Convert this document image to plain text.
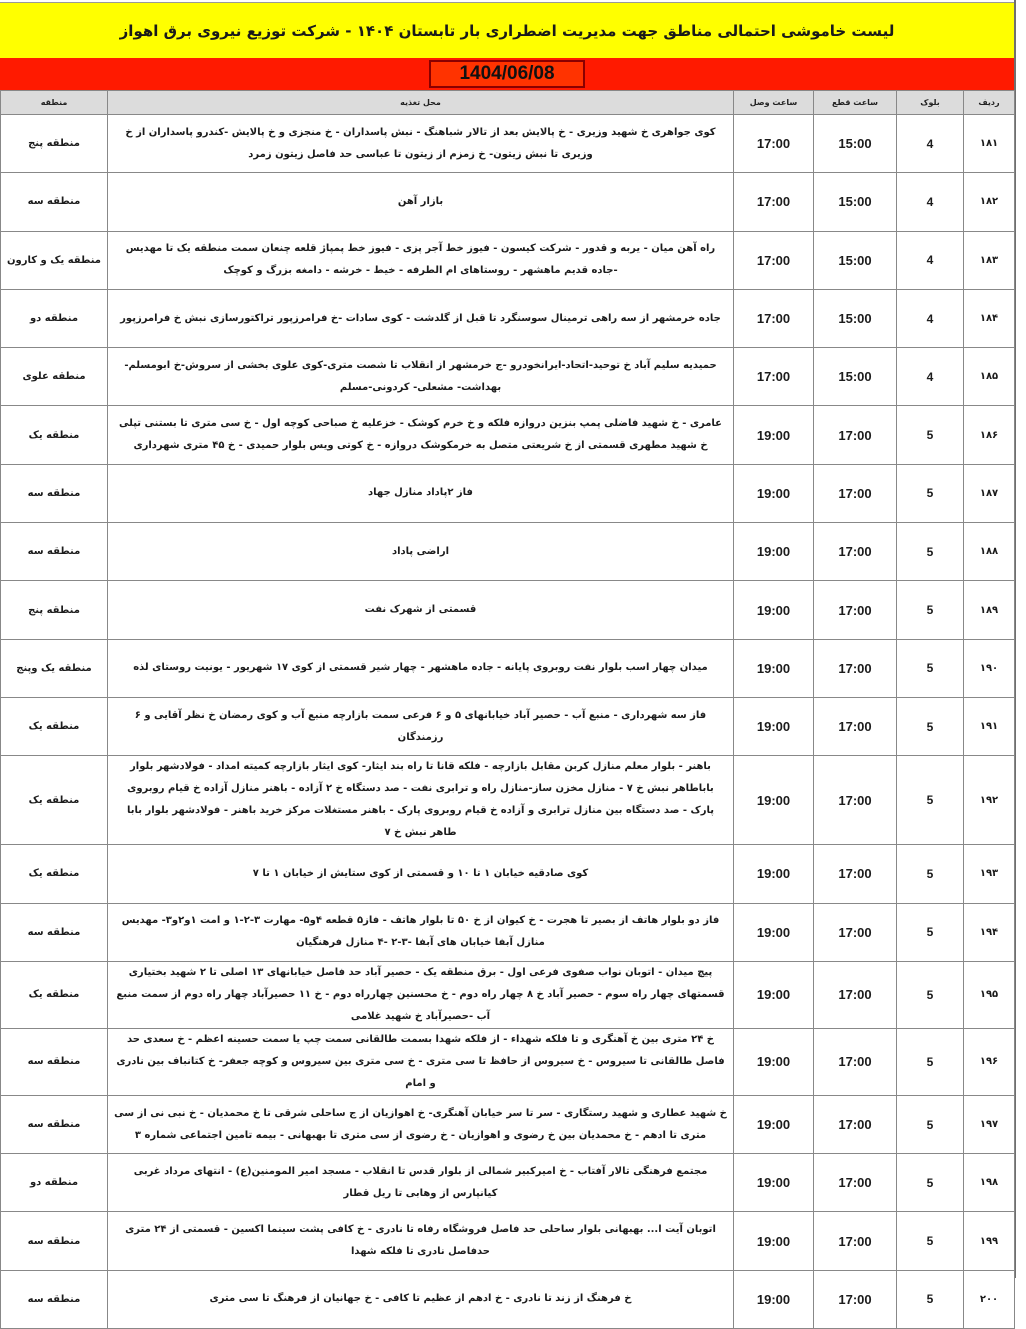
لیست خاموشی احتمالی مناطق جهت مدیریت اضطراری بار تابستان ۱۴۰۴ - شرکت توزیع نیروی برق اهواز
1404/06/08
منطقه	محل تغذیه	ساعت وصل	ساعت قطع	بلوک	ردیف
منطقه پنج	کوی جواهری خ شهید وزیری - خ پالایش بعد از تالار شباهنگ - نبش پاسداران - خ منجزی و خ پالایش -کندرو پاسداران از خ وزیری تا نبش زیتون- خ زمزم از زیتون تا عباسی حد فاصل زیتون زمرد	17:00	15:00	4	۱۸۱
منطقه سه	بازار آهن	17:00	15:00	4	۱۸۲
منطقه یک و کارون	راه آهن میان - یربه و قدور - شرکت کیسون - فیوز خط آجر پزی - فیوز خط پمپاژ قلعه چنعان سمت منطقه یک تا مهدیس -جاده قدیم ماهشهر - روستاهای ام الطرفه - خیط - خرشه - دامغه بزرگ و کوچک	17:00	15:00	4	۱۸۳
منطقه دو	جاده خرمشهر از سه راهی ترمینال سوسنگرد تا قبل از گلدشت - کوی سادات -خ فرامرزپور تراکتورسازی نبش خ فرامرزپور	17:00	15:00	4	۱۸۴
منطقه علوی	حمیدیه سلیم آباد خ توحید-اتحاد-ایرانخودرو -ج خرمشهر از انقلاب تا شصت متری-کوی علوی بخشی از سروش-خ ابومسلم- بهداشت- مشعلی- کردونی-مسلم	17:00	15:00	4	۱۸۵
منطقه یک	عامری - خ شهید فاضلی پمپ بنزین دروازه فلکه و خ خرم کوشک - خزعلیه خ صباحی کوچه اول - خ سی متری تا بستنی تپلی خ شهید مطهری قسمتی از خ شریعتی متصل به خرمکوشک دروازه - خ کوتی ویس بلوار حمیدی - خ ۴۵ متری شهرداری	19:00	17:00	5	۱۸۶
منطقه سه	فاز ۲پاداد منازل جهاد	19:00	17:00	5	۱۸۷
منطقه سه	اراضی پاداد	19:00	17:00	5	۱۸۸
منطقه پنج	قسمتی از شهرک نفت	19:00	17:00	5	۱۸۹
منطقه یک وپنج	میدان چهار اسب بلوار نفت روبروی پایانه - جاده ماهشهر - چهار شیر قسمتی از کوی ۱۷ شهریور - یونیت روستای لذه	19:00	17:00	5	۱۹۰
منطقه یک	فاز سه شهرداری - منبع آب - حصیر آباد خیابانهای ۵ و ۶ فرعی سمت بازارچه منبع آب و کوی رمضان خ نظر آقایی و ۶ رزمندگان	19:00	17:00	5	۱۹۱
منطقه یک	باهنر - بلوار معلم منازل کربن مقابل بازارچه - فلکه قانا تا راه بند ایثار- کوی ایثار بازارچه کمیته امداد - فولادشهر بلوار باباطاهر نبش خ ۷ - منازل مخزن ساز-منازل راه و ترابری نفت - صد دستگاه خ ۲ آزاده - باهنر منازل آزاده خ قیام روبروی پارک - صد دستگاه بین منازل ترابری و آزاده خ قیام روبروی پارک - باهنر مستغلات مرکز خرید باهنر - فولادشهر بلوار بابا طاهر نبش خ ۷	19:00	17:00	5	۱۹۲
منطقه یک	کوی صادقیه خیابان ۱ تا ۱۰ و قسمتی از کوی ستایش از خیابان ۱ تا ۷	19:00	17:00	5	۱۹۳
منطقه سه	فاز دو بلوار هاتف از بصیر تا هجرت - خ کیوان از خ ۵۰ تا بلوار هاتف - فاز۵ قطعه ۴و۵- مهارت ۳-۲-۱ و امت ۱و۲و۳- مهدیس منازل آبفا خیابان های آبفا -۳-۲ -۴ منازل فرهنگیان	19:00	17:00	5	۱۹۴
منطقه یک	پیچ میدان - اتوبان نواب صفوی فرعی اول - برق منطقه یک - حصیر آباد حد فاصل خیابانهای ۱۳ اصلی تا ۲ شهید بختیاری قسمتهای چهار راه سوم - حصیر آباد خ ۸ چهار راه دوم - خ محسنین چهارراه دوم - خ ۱۱ حصیرآباد چهار راه دوم از سمت منبع آب -حصیرآباد خ شهید غلامی	19:00	17:00	5	۱۹۵
منطقه سه	خ ۲۴ متری بین خ آهنگری و تا فلکه شهداء - از فلکه شهدا بسمت طالقانی سمت چپ یا سمت حسینه اعظم - خ سعدی حد فاصل طالقانی تا سیروس - خ سیروس از حافظ تا سی متری - خ سی متری بین سیروس و کوچه جعفر- خ کتانباف بین نادری و امام	19:00	17:00	5	۱۹۶
منطقه سه	خ شهید عطاری و شهید رستگاری - سر تا سر خیابان آهنگری- خ اهوازیان از ج ساحلی شرقی تا خ محمدیان - خ نبی نی از سی متری تا ادهم - خ محمدیان بین خ رضوی و اهوازیان - خ رضوی از سی متری تا بهبهانی - بیمه تامین اجتماعی شماره ۳	19:00	17:00	5	۱۹۷
منطقه دو	مجتمع فرهنگی تالار آفتاب - خ امیرکبیر شمالی از بلوار قدس تا انقلاب - مسجد امیر المومنین(ع) - انتهای مرداد غربی کیانپارس از وهابی تا ریل قطار	19:00	17:00	5	۱۹۸
منطقه سه	اتوبان آیت ا... بهبهانی بلوار ساحلی حد فاصل فروشگاه رفاه تا نادری - خ کافی پشت سینما اکسین - قسمتی از ۲۴ متری حدفاصل نادری تا فلکه شهدا	19:00	17:00	5	۱۹۹
منطقه سه	خ فرهنگ از زند تا نادری - خ ادهم از عظیم تا کافی - خ جهانیان از فرهنگ تا سی متری	19:00	17:00	5	۲۰۰
